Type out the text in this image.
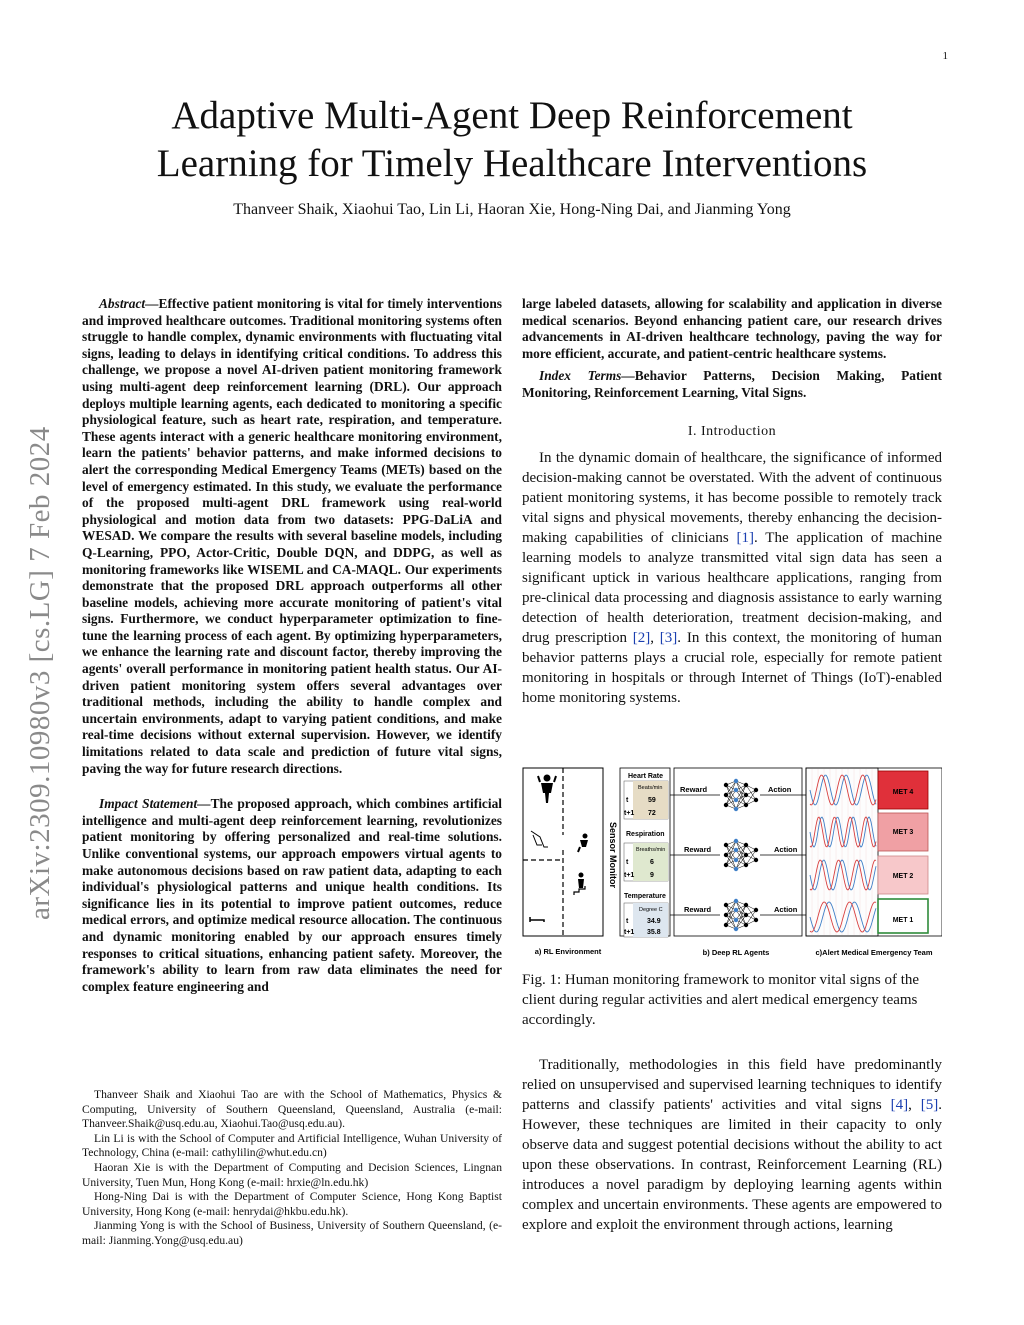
1
Adaptive Multi-Agent Deep Reinforcement
Learning for Timely Healthcare Interventions
Thanveer Shaik, Xiaohui Tao, Lin Li, Haoran Xie, Hong-Ning Dai, and Jianming Yong
arXiv:2309.10980v3 [cs.LG] 7 Feb 2024

Abstract—Effective patient monitoring is vital for timely interventions and improved healthcare outcomes. Traditional monitoring systems often struggle to handle complex, dynamic environments with fluctuating vital signs, leading to delays in identifying critical conditions. To address this challenge, we propose a novel AI-driven patient monitoring framework using multi-agent deep reinforcement learning (DRL). Our approach deploys multiple learning agents, each dedicated to monitoring a specific physiological feature, such as heart rate, respiration, and temperature. These agents interact with a generic healthcare monitoring environment, learn the patients' behavior patterns, and make informed decisions to alert the corresponding Medical Emergency Teams (METs) based on the level of emergency estimated. In this study, we evaluate the performance of the proposed multi-agent DRL framework using real-world physiological and motion data from two datasets: PPG-DaLiA and WESAD. We compare the results with several baseline models, including Q-Learning, PPO, Actor-Critic, Double DQN, and DDPG, as well as monitoring frameworks like WISEML and CA-MAQL. Our experiments demonstrate that the proposed DRL approach outperforms all other baseline models, achieving more accurate monitoring of patient's vital signs. Furthermore, we conduct hyperparameter optimization to fine-tune the learning process of each agent. By optimizing hyperparameters, we enhance the learning rate and discount factor, thereby improving the agents' overall performance in monitoring patient health status. Our AI-driven patient monitoring system offers several advantages over traditional methods, including the ability to handle complex and uncertain environments, adapt to varying patient conditions, and make real-time decisions without external supervision. However, we identify limitations related to data scale and prediction of future vital signs, paving the way for future research directions.

Impact Statement—The proposed approach, which combines artificial intelligence and multi-agent deep reinforcement learning, revolutionizes patient monitoring by offering personalized and real-time solutions. Unlike conventional systems, our approach empowers virtual agents to make autonomous decisions based on raw patient data, adapting to each individual's physiological patterns and unique health conditions. Its significance lies in its potential to improve patient outcomes, reduce medical errors, and optimize medical resource allocation. The continuous and dynamic monitoring enabled by our approach ensures timely responses to critical situations, enhancing patient safety. Moreover, the framework's ability to learn from raw data eliminates the need for complex feature engineering and

Thanveer Shaik and Xiaohui Tao are with the School of Mathematics, Physics & Computing, University of Southern Queensland, Queensland, Australia (e-mail: Thanveer.Shaik@usq.edu.au, Xiaohui.Tao@usq.edu.au).

Lin Li is with the School of Computer and Artificial Intelligence, Wuhan University of Technology, China (e-mail: cathylilin@whut.edu.cn)

Haoran Xie is with the Department of Computing and Decision Sciences, Lingnan University, Tuen Mun, Hong Kong (e-mail: hrxie@ln.edu.hk)

Hong-Ning Dai is with the Department of Computer Science, Hong Kong Baptist University, Hong Kong (e-mail: henrydai@hkbu.edu.hk).

Jianming Yong is with the School of Business, University of Southern Queensland, (e-mail: Jianming.Yong@usq.edu.au)

large labeled datasets, allowing for scalability and application in diverse medical scenarios. Beyond enhancing patient care, our research drives advancements in AI-driven healthcare technology, paving the way for more efficient, accurate, and patient-centric healthcare systems.

Index Terms—Behavior Patterns, Decision Making, Patient Monitoring, Reinforcement Learning, Vital Signs.

I. Introduction

In the dynamic domain of healthcare, the significance of informed decision-making cannot be overstated. With the advent of continuous patient monitoring systems, it has become possible to remotely track vital signs and physical movements, thereby enhancing the decision-making capabilities of clinicians [1]. The application of machine learning models to analyze transmitted vital sign data has seen a significant uptick in various healthcare applications, ranging from pre-clinical data processing and diagnosis assistance to early warning detection of health deterioration, treatment decision-making, and drug prescription [2], [3]. In this context, the monitoring of human behavior patterns plays a crucial role, especially for remote patient monitoring in hospitals or through Internet of Things (IoT)-enabled home monitoring systems.

Sensor Monitor
Heart Rate
Beats/min
t	59
t+1 72
Respiration
Breaths/min
t	6
t+1 9
Temperature
Degree C
t	34.9
t+1 35.8
Reward	Action
Reward	Action
Reward	Action
MET 4
MET 3
MET 2
MET 1
a) RL Environment	b) Deep RL Agents	c)Alert Medical Emergency Team
Fig. 1: Human monitoring framework to monitor vital signs of the client during regular activities and alert medical emergency teams accordingly.

Traditionally, methodologies in this field have predominantly relied on unsupervised and supervised learning techniques to identify patterns and classify patients' activities and vital signs [4], [5]. However, these techniques are limited in their capacity to only observe data and suggest potential decisions without the ability to act upon these observations. In contrast, Reinforcement Learning (RL) introduces a novel paradigm by deploying learning agents within complex and uncertain environments. These agents are empowered to explore and exploit the environment through actions, learning
